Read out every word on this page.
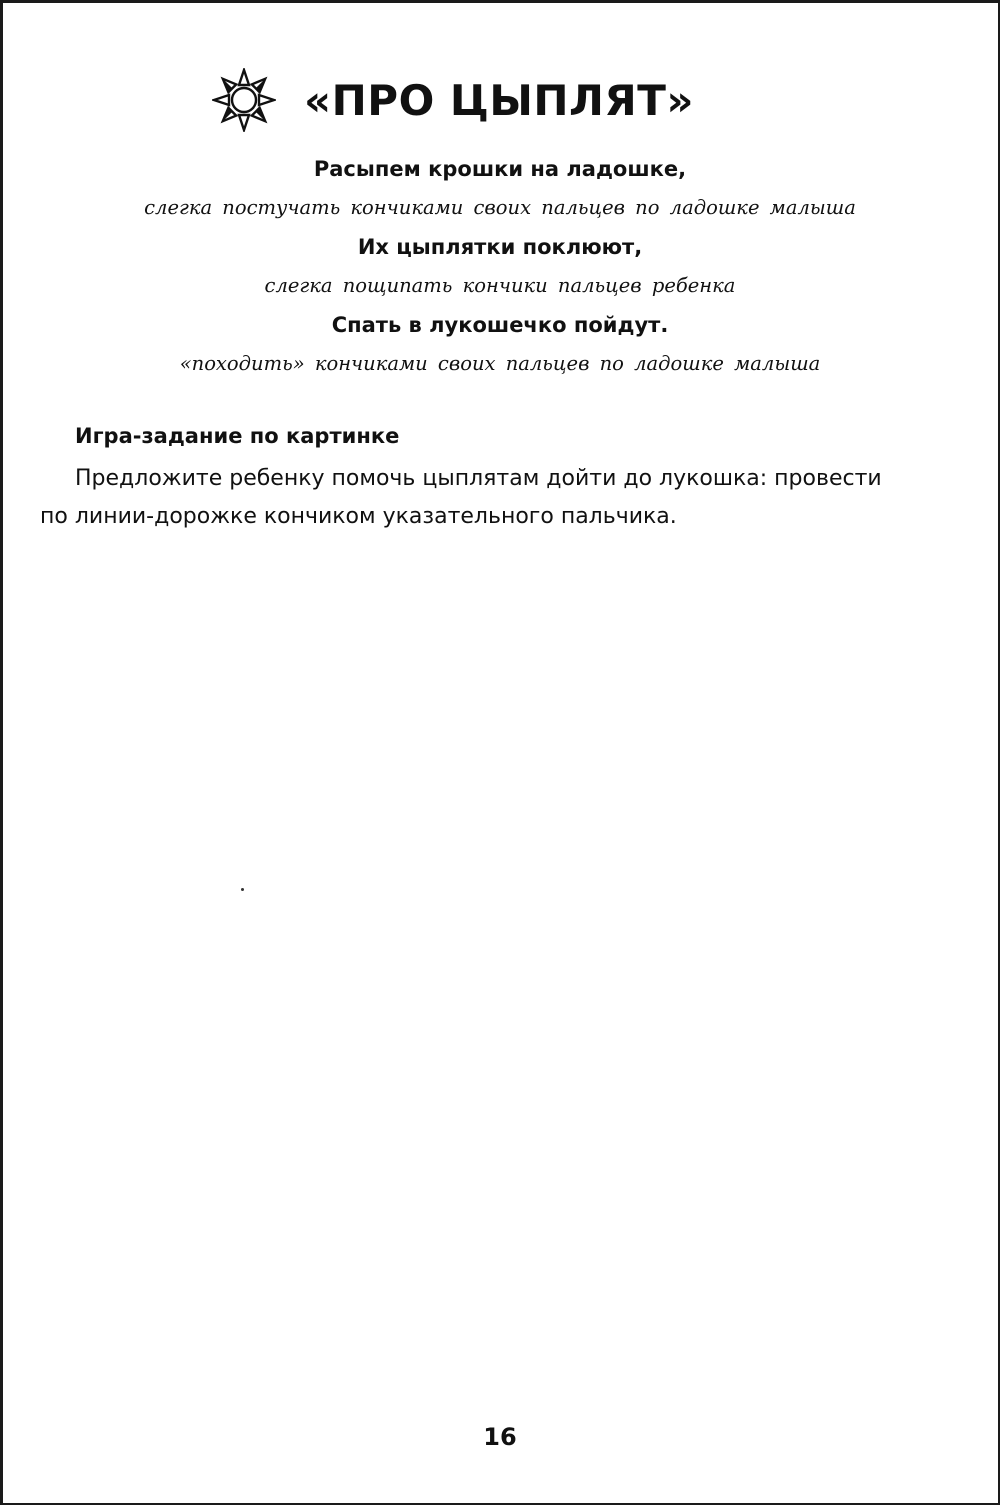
«ПРО ЦЫПЛЯТ»
Расыпем крошки на ладошке,
слегка постучать кончиками своих пальцев по ладошке малыша
Их цыплятки поклюют,
слегка пощипать кончики пальцев ребенка
Спать в лукошечко пойдут.
«походить» кончиками своих пальцев по ладошке малыша
Игра-задание по картинке
Предложите ребенку помочь цыплятам дойти до лукошка: провести
по линии-дорожке кончиком указательного пальчика.
16
